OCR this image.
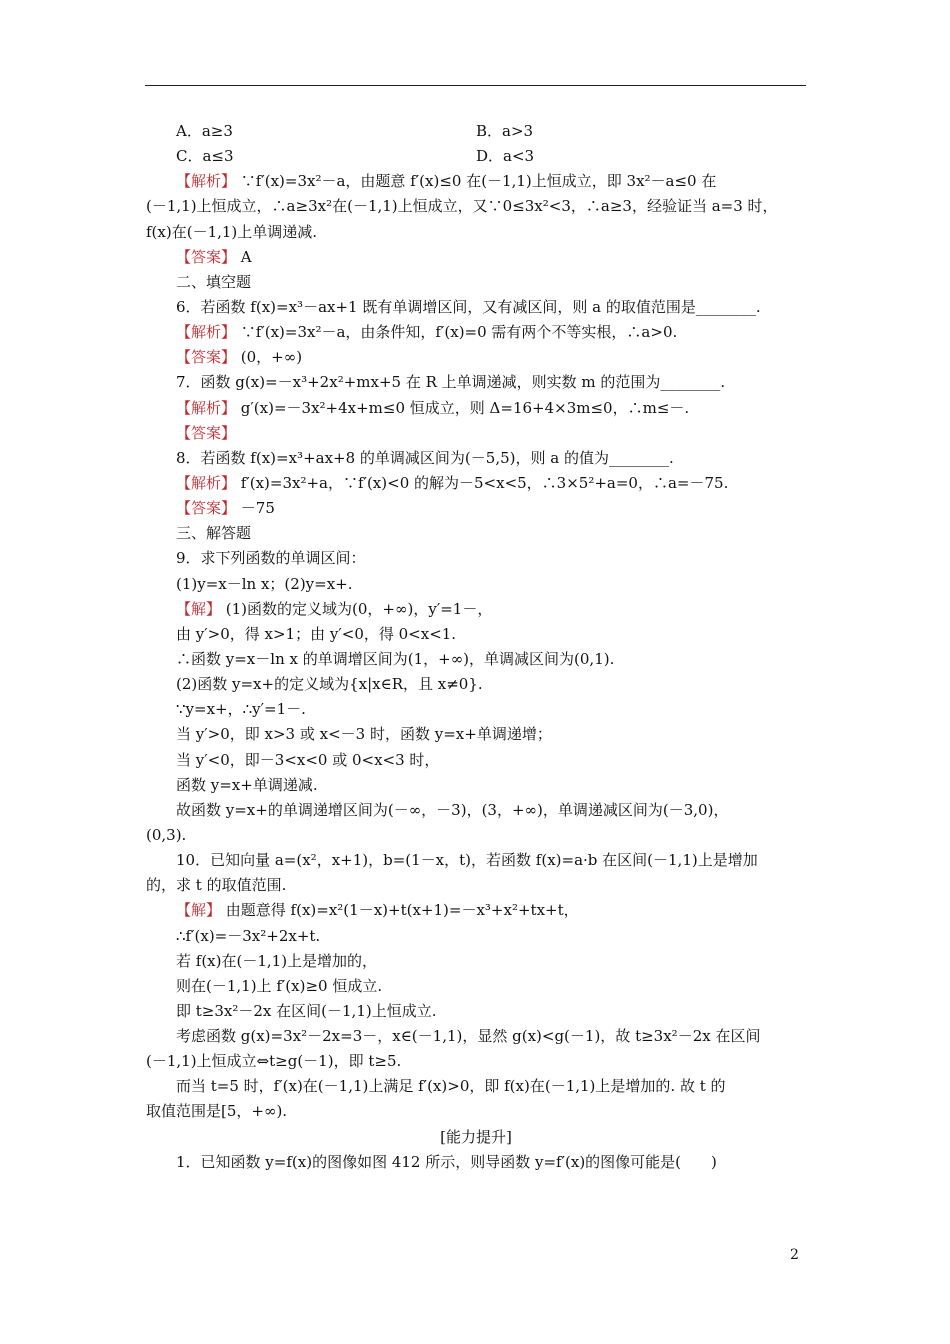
A．a≥3	B．a>3
C．a≤3	D．a<3
【解析】 ∵f′(x)=3x²－a，由题意 f′(x)≤0 在(－1,1)上恒成立，即 3x²－a≤0 在
(－1,1)上恒成立，∴a≥3x²在(－1,1)上恒成立，又∵0≤3x²<3，∴a≥3，经验证当 a=3 时，
f(x)在(－1,1)上单调递减.
【答案】 A
二、填空题
6．若函数 f(x)=x³－ax+1 既有单调增区间，又有减区间，则 a 的取值范围是________.
【解析】 ∵f′(x)=3x²－a，由条件知，f′(x)=0 需有两个不等实根，∴a>0.
【答案】 (0，+∞)
7．函数 g(x)=－x³+2x²+mx+5 在 R 上单调递减，则实数 m 的范围为________.
【解析】 g′(x)=－3x²+4x+m≤0 恒成立，则 Δ=16+4×3m≤0，∴m≤－.
【答案】
8．若函数 f(x)=x³+ax+8 的单调减区间为(－5,5)，则 a 的值为________.
【解析】 f′(x)=3x²+a，∵f′(x)<0 的解为－5<x<5，∴3×5²+a=0，∴a=－75.
【答案】 －75
三、解答题
9．求下列函数的单调区间：
(1)y=x－ln x；(2)y=x+.
【解】 (1)函数的定义域为(0，+∞)，y′=1－，
由 y′>0，得 x>1；由 y′<0，得 0<x<1.
∴函数 y=x－ln x 的单调增区间为(1，+∞)，单调减区间为(0,1).
(2)函数 y=x+的定义域为{x|x∈R，且 x≠0}.
∵y=x+，∴y′=1－.
当 y′>0，即 x>3 或 x<－3 时，函数 y=x+单调递增；
当 y′<0，即－3<x<0 或 0<x<3 时，
函数 y=x+单调递减.
故函数 y=x+的单调递增区间为(－∞，－3)，(3，+∞)，单调递减区间为(－3,0)，
(0,3).
10．已知向量 a=(x²，x+1)，b=(1－x，t)，若函数 f(x)=a·b 在区间(－1,1)上是增加
的，求 t 的取值范围.
【解】 由题意得 f(x)=x²(1－x)+t(x+1)=－x³+x²+tx+t，
∴f′(x)=－3x²+2x+t.
若 f(x)在(－1,1)上是增加的，
则在(－1,1)上 f′(x)≥0 恒成立.
即 t≥3x²－2x 在区间(－1,1)上恒成立.
考虑函数 g(x)=3x²－2x=3－，x∈(－1,1)，显然 g(x)<g(－1)，故 t≥3x²－2x 在区间
(－1,1)上恒成立⇔t≥g(－1)，即 t≥5.
而当 t=5 时，f′(x)在(－1,1)上满足 f′(x)>0，即 f(x)在(－1,1)上是增加的. 故 t 的
取值范围是[5，+∞).
[能力提升]
1．已知函数 y=f(x)的图像如图 412 所示，则导函数 y=f′(x)的图像可能是(　　)
2
